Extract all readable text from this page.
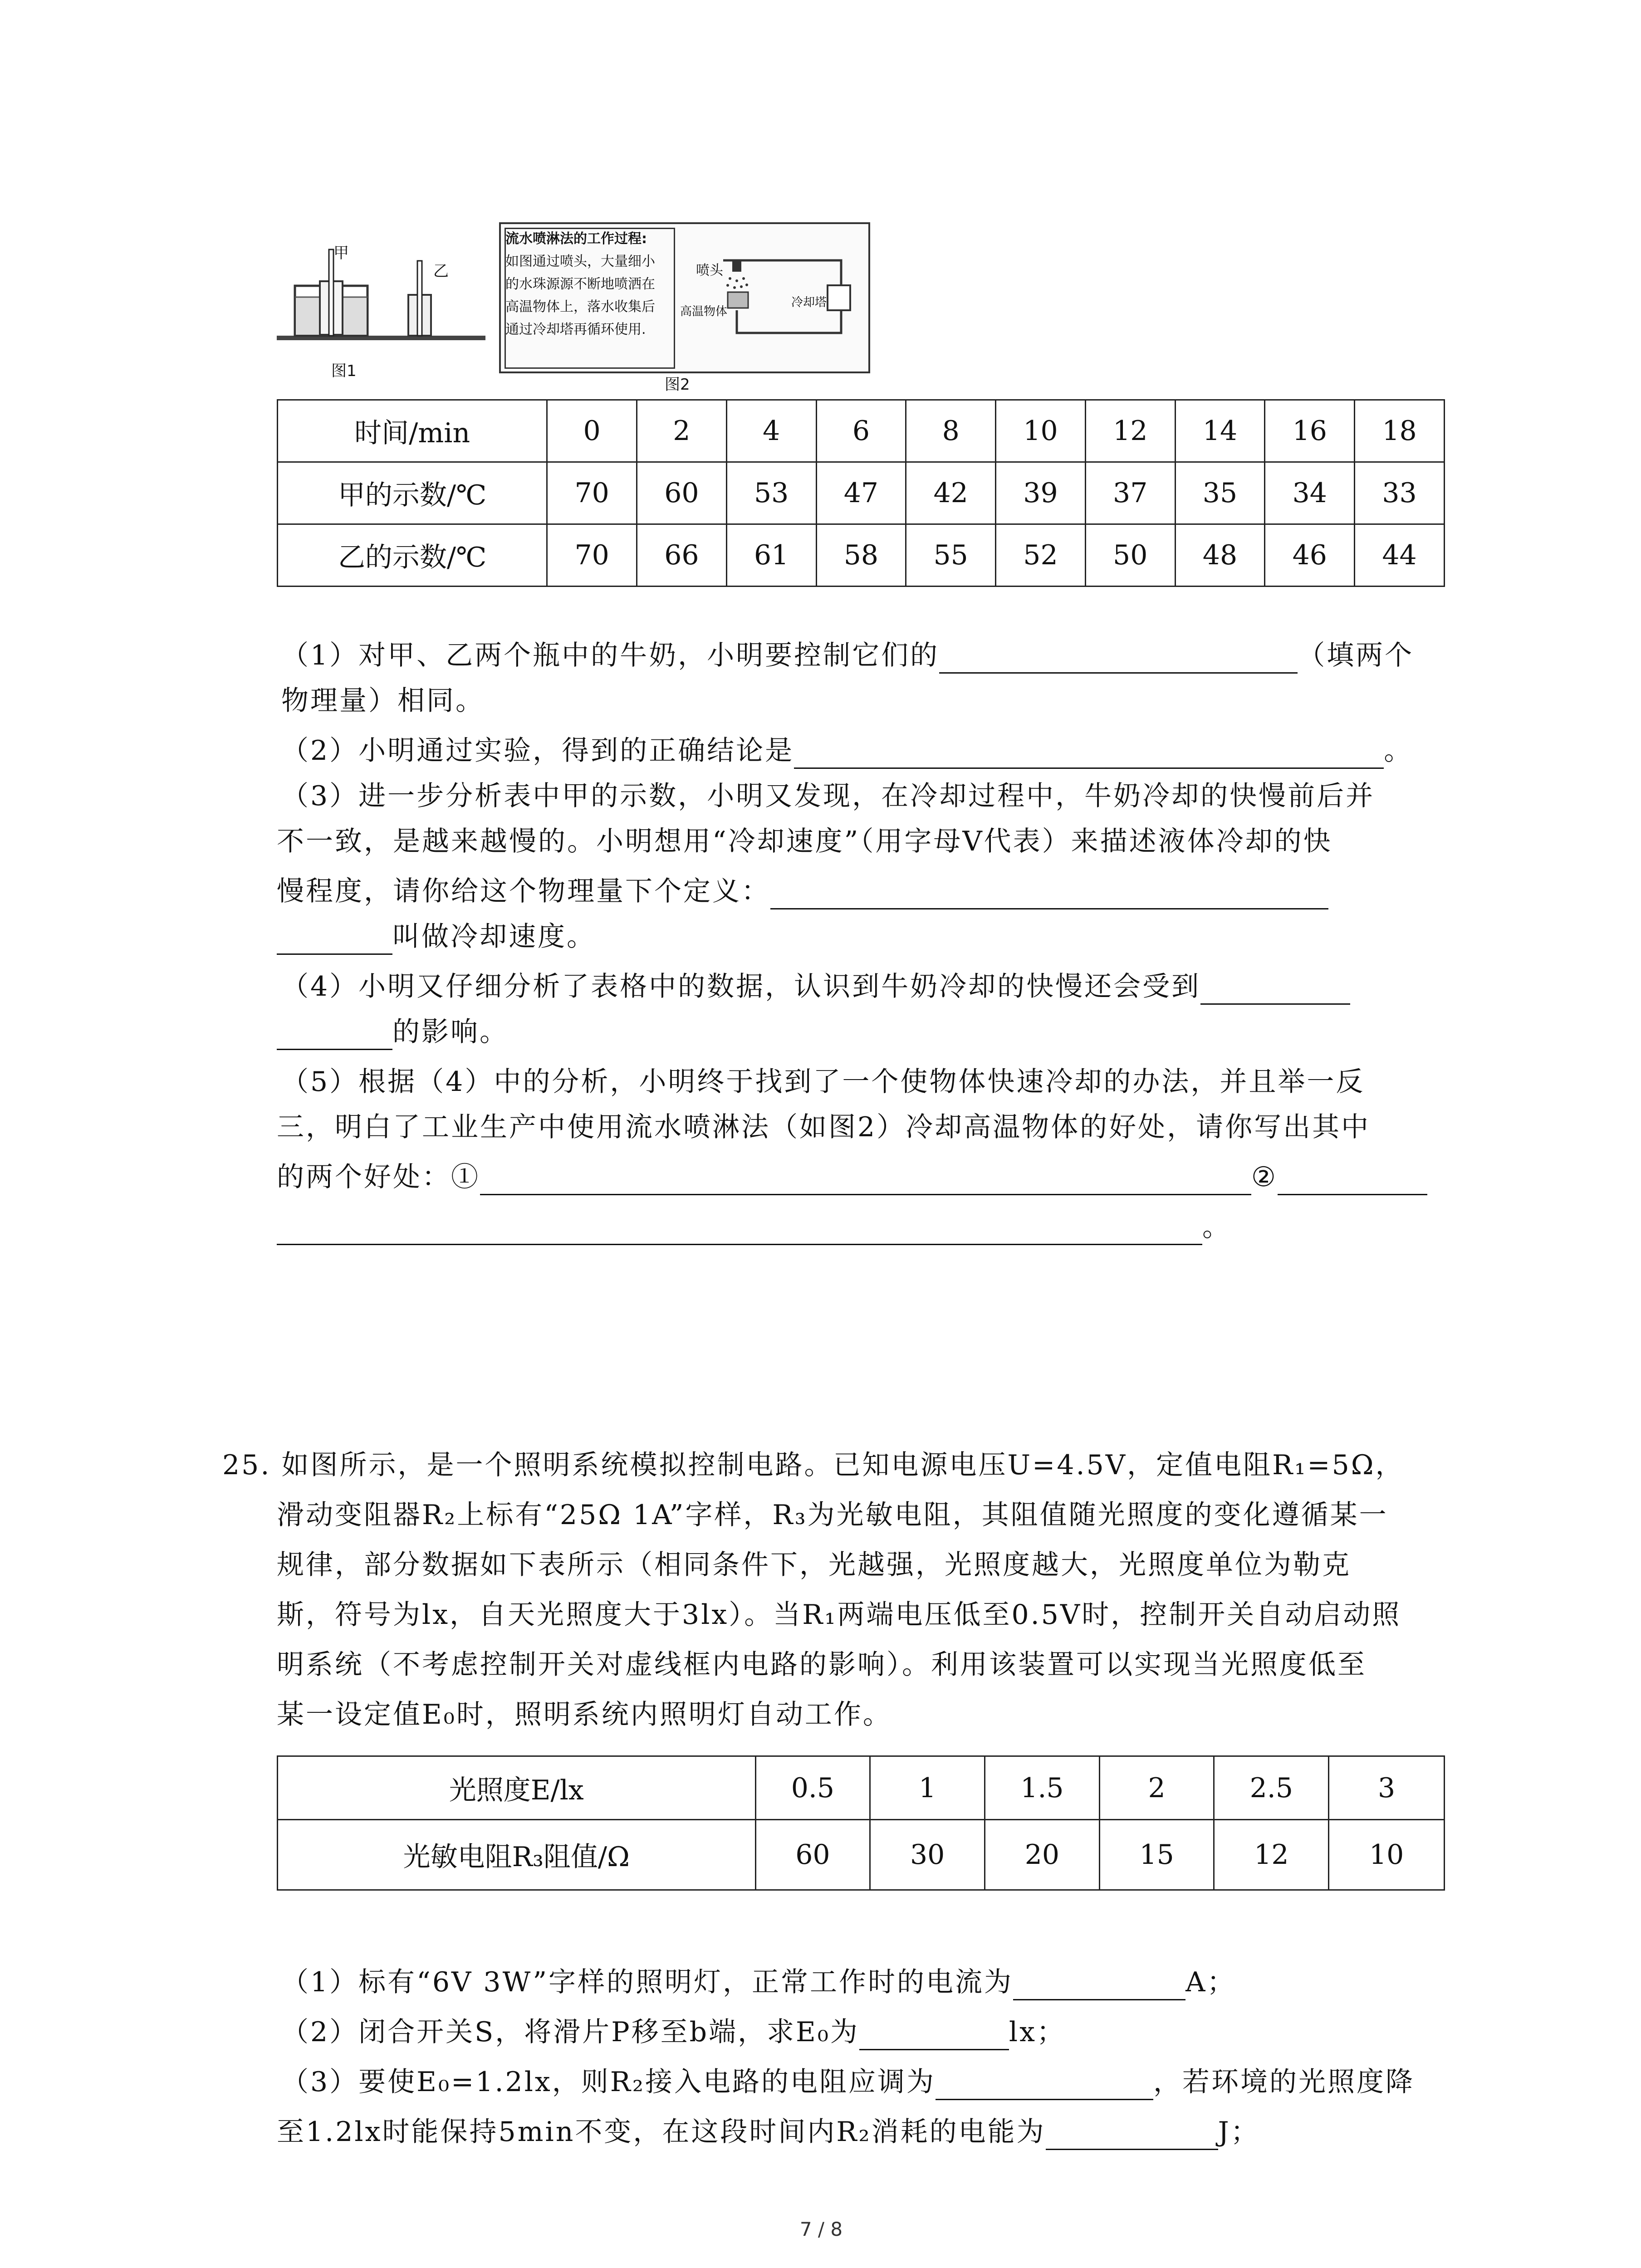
甲
乙
图1
流水喷淋法的工作过程:
如图通过喷头，大量细小
的水珠源源不断地喷洒在
高温物体上，落水收集后
通过冷却塔再循环使用.
喷头
高温物体
冷却塔
图2
时间/min	0	2	4	6	8	10	12	14	16	18
甲的示数/℃	70	60	53	47	42	39	37	35	34	33
乙的示数/℃	70	66	61	58	55	52	50	48	46	44
（1）对甲、乙两个瓶中的牛奶，小明要控制它们的	（填两个
物理量）相同。
（2）小明通过实验，得到的正确结论是	。
（3）进一步分析表中甲的示数，小明又发现，在冷却过程中，牛奶冷却的快慢前后并
不一致，是越来越慢的。小明想用“冷却速度”（用字母V代表）来描述液体冷却的快
慢程度，请你给这个物理量下个定义：
叫做冷却速度。
（4）小明又仔细分析了表格中的数据，认识到牛奶冷却的快慢还会受到
的影响。
（5）根据（4）中的分析，小明终于找到了一个使物体快速冷却的办法，并且举一反
三，明白了工业生产中使用流水喷淋法（如图2）冷却高温物体的好处，请你写出其中
的两个好处：①	②
。
25. 如图所示，是一个照明系统模拟控制电路。已知电源电压U=4.5V，定值电阻R₁=5Ω，
滑动变阻器R₂上标有“25Ω 1A”字样，R₃为光敏电阻，其阻值随光照度的变化遵循某一
规律，部分数据如下表所示（相同条件下，光越强，光照度越大，光照度单位为勒克
斯，符号为lx，自天光照度大于3lx）。当R₁两端电压低至0.5V时，控制开关自动启动照
明系统（不考虑控制开关对虚线框内电路的影响）。利用该装置可以实现当光照度低至
某一设定值E₀时，照明系统内照明灯自动工作。
光照度E/lx	0.5	1	1.5	2	2.5	3
光敏电阻R₃阻值/Ω	60	30	20	15	12	10
（1）标有“6V 3W”字样的照明灯，正常工作时的电流为	A；
（2）闭合开关S，将滑片P移至b端，求E₀为	lx；
（3）要使E₀=1.2lx，则R₂接入电路的电阻应调为	，若环境的光照度降
至1.2lx时能保持5min不变，在这段时间内R₂消耗的电能为	J；
7 / 8
